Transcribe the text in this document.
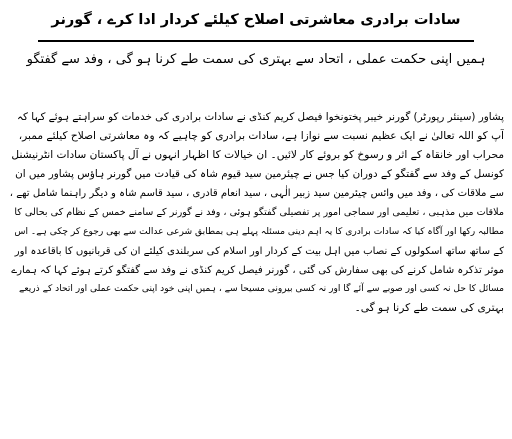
سادات برادری معاشرتی اصلاح کیلئے کردار ادا کرے ، گورنر
ہمیں اپنی حکمت عملی ، اتحاد سے بہتری کی سمت طے کرنا ہو گی ، وفد سے گفتگو
پشاور (سینئر رپورٹر) گورنر خیبر پختونخوا فیصل کریم کنڈی نے سادات برادری کی خدمات کو سراہتے ہوئے کہا کہ
آپ کو اللہ تعالیٰ نے ایک عظیم نسبت سے نوازا ہے، سادات برادری کو چاہیے کہ وہ معاشرتی اصلاح کیلئے ممبر،
محراب اور خانقاہ کے اثر و رسوخ کو بروئے کار لائیں۔ ان خیالات کا اظہار انہوں نے آل پاکستان سادات انٹرنیشنل
کونسل کے وفد سے گفتگو کے دوران کیا جس نے چیئرمین سید قیوم شاہ کی قیادت میں گورنر ہاؤس پشاور میں ان
سے ملاقات کی ، وفد میں وائس چیئرمین سید زبیر الٰہی ، سید انعام قادری ، سید قاسم شاہ و دیگر راہنما شامل تھے ،
ملاقات میں مذہبی ، تعلیمی اور سماجی امور پر تفصیلی گفتگو ہوئی ، وفد نے گورنر کے سامنے خمس کے نظام کی بحالی کا
مطالبہ رکھا اور آگاہ کیا کہ سادات برادری کا یہ اہم دینی مسئلہ پہلے ہی بمطابق شرعی عدالت سے بھی رجوع کر چکی ہے۔ اس
کے ساتھ ساتھ اسکولوں کے نصاب میں اہل بیت کے کردار اور اسلام کی سربلندی کیلئے ان کی قربانیوں کا باقاعدہ اور
موثر تذکرہ شامل کرنے کی بھی سفارش کی گئی ، گورنر فیصل کریم کنڈی نے وفد سے گفتگو کرتے ہوئے کہا کہ ہمارے
مسائل کا حل نہ کسی اور صوبے سے آئے گا اور نہ کسی بیرونی مسیحا سے ، ہمیں اپنی خود اپنی حکمت عملی اور اتحاد کے ذریعے
بہتری کی سمت طے کرنا ہو گی۔
